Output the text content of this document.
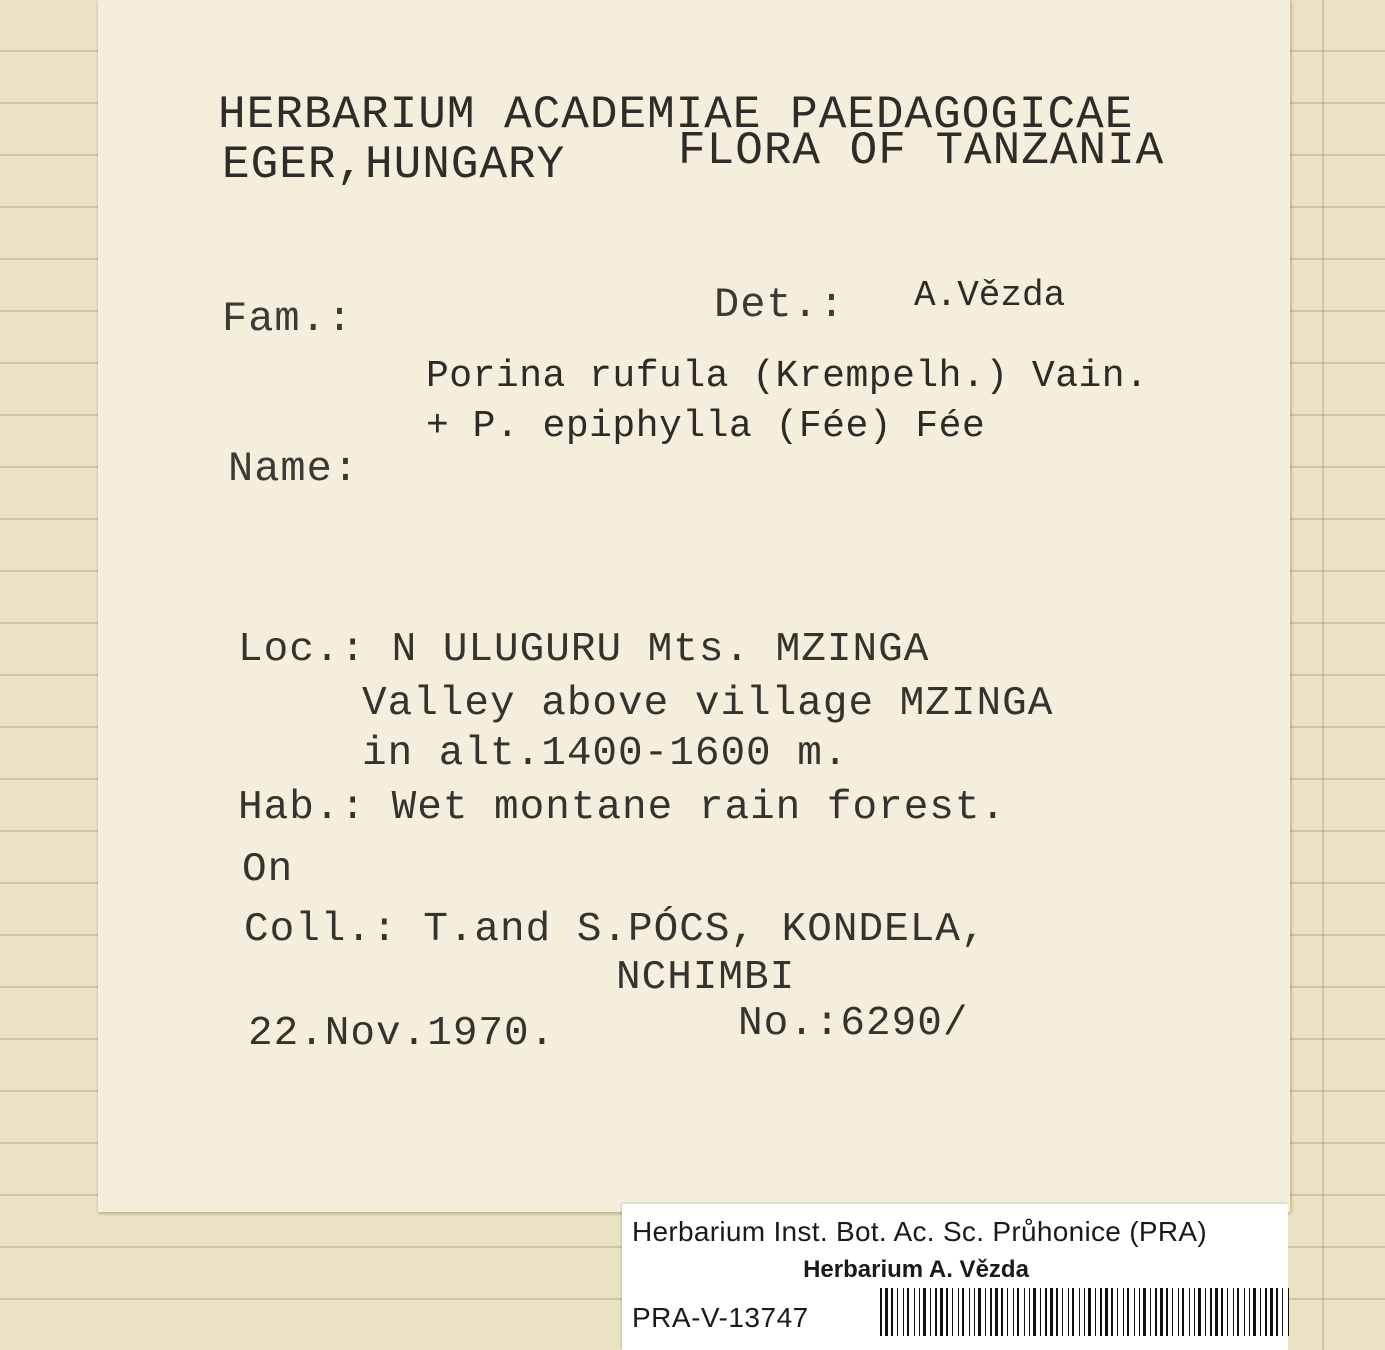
HERBARIUM ACADEMIAE PAEDAGOGICAE
EGER,HUNGARY FLORA OF TANZANIA
Fam.:	Det.: A.Vězda
Porina rufula (Krempelh.) Vain.
+ P. epiphylla (Fée) Fée
Name:
Loc.: N ULUGURU Mts. MZINGA
Valley above village MZINGA
in alt.1400-1600 m.
Hab.: Wet montane rain forest.
On
Coll.: T.and S.PÓCS, KONDELA,
NCHIMBI
22.Nov.1970.	No.:6290/
Herbarium Inst. Bot. Ac. Sc. Průhonice (PRA)
Herbarium A. Vězda
PRA-V-13747
